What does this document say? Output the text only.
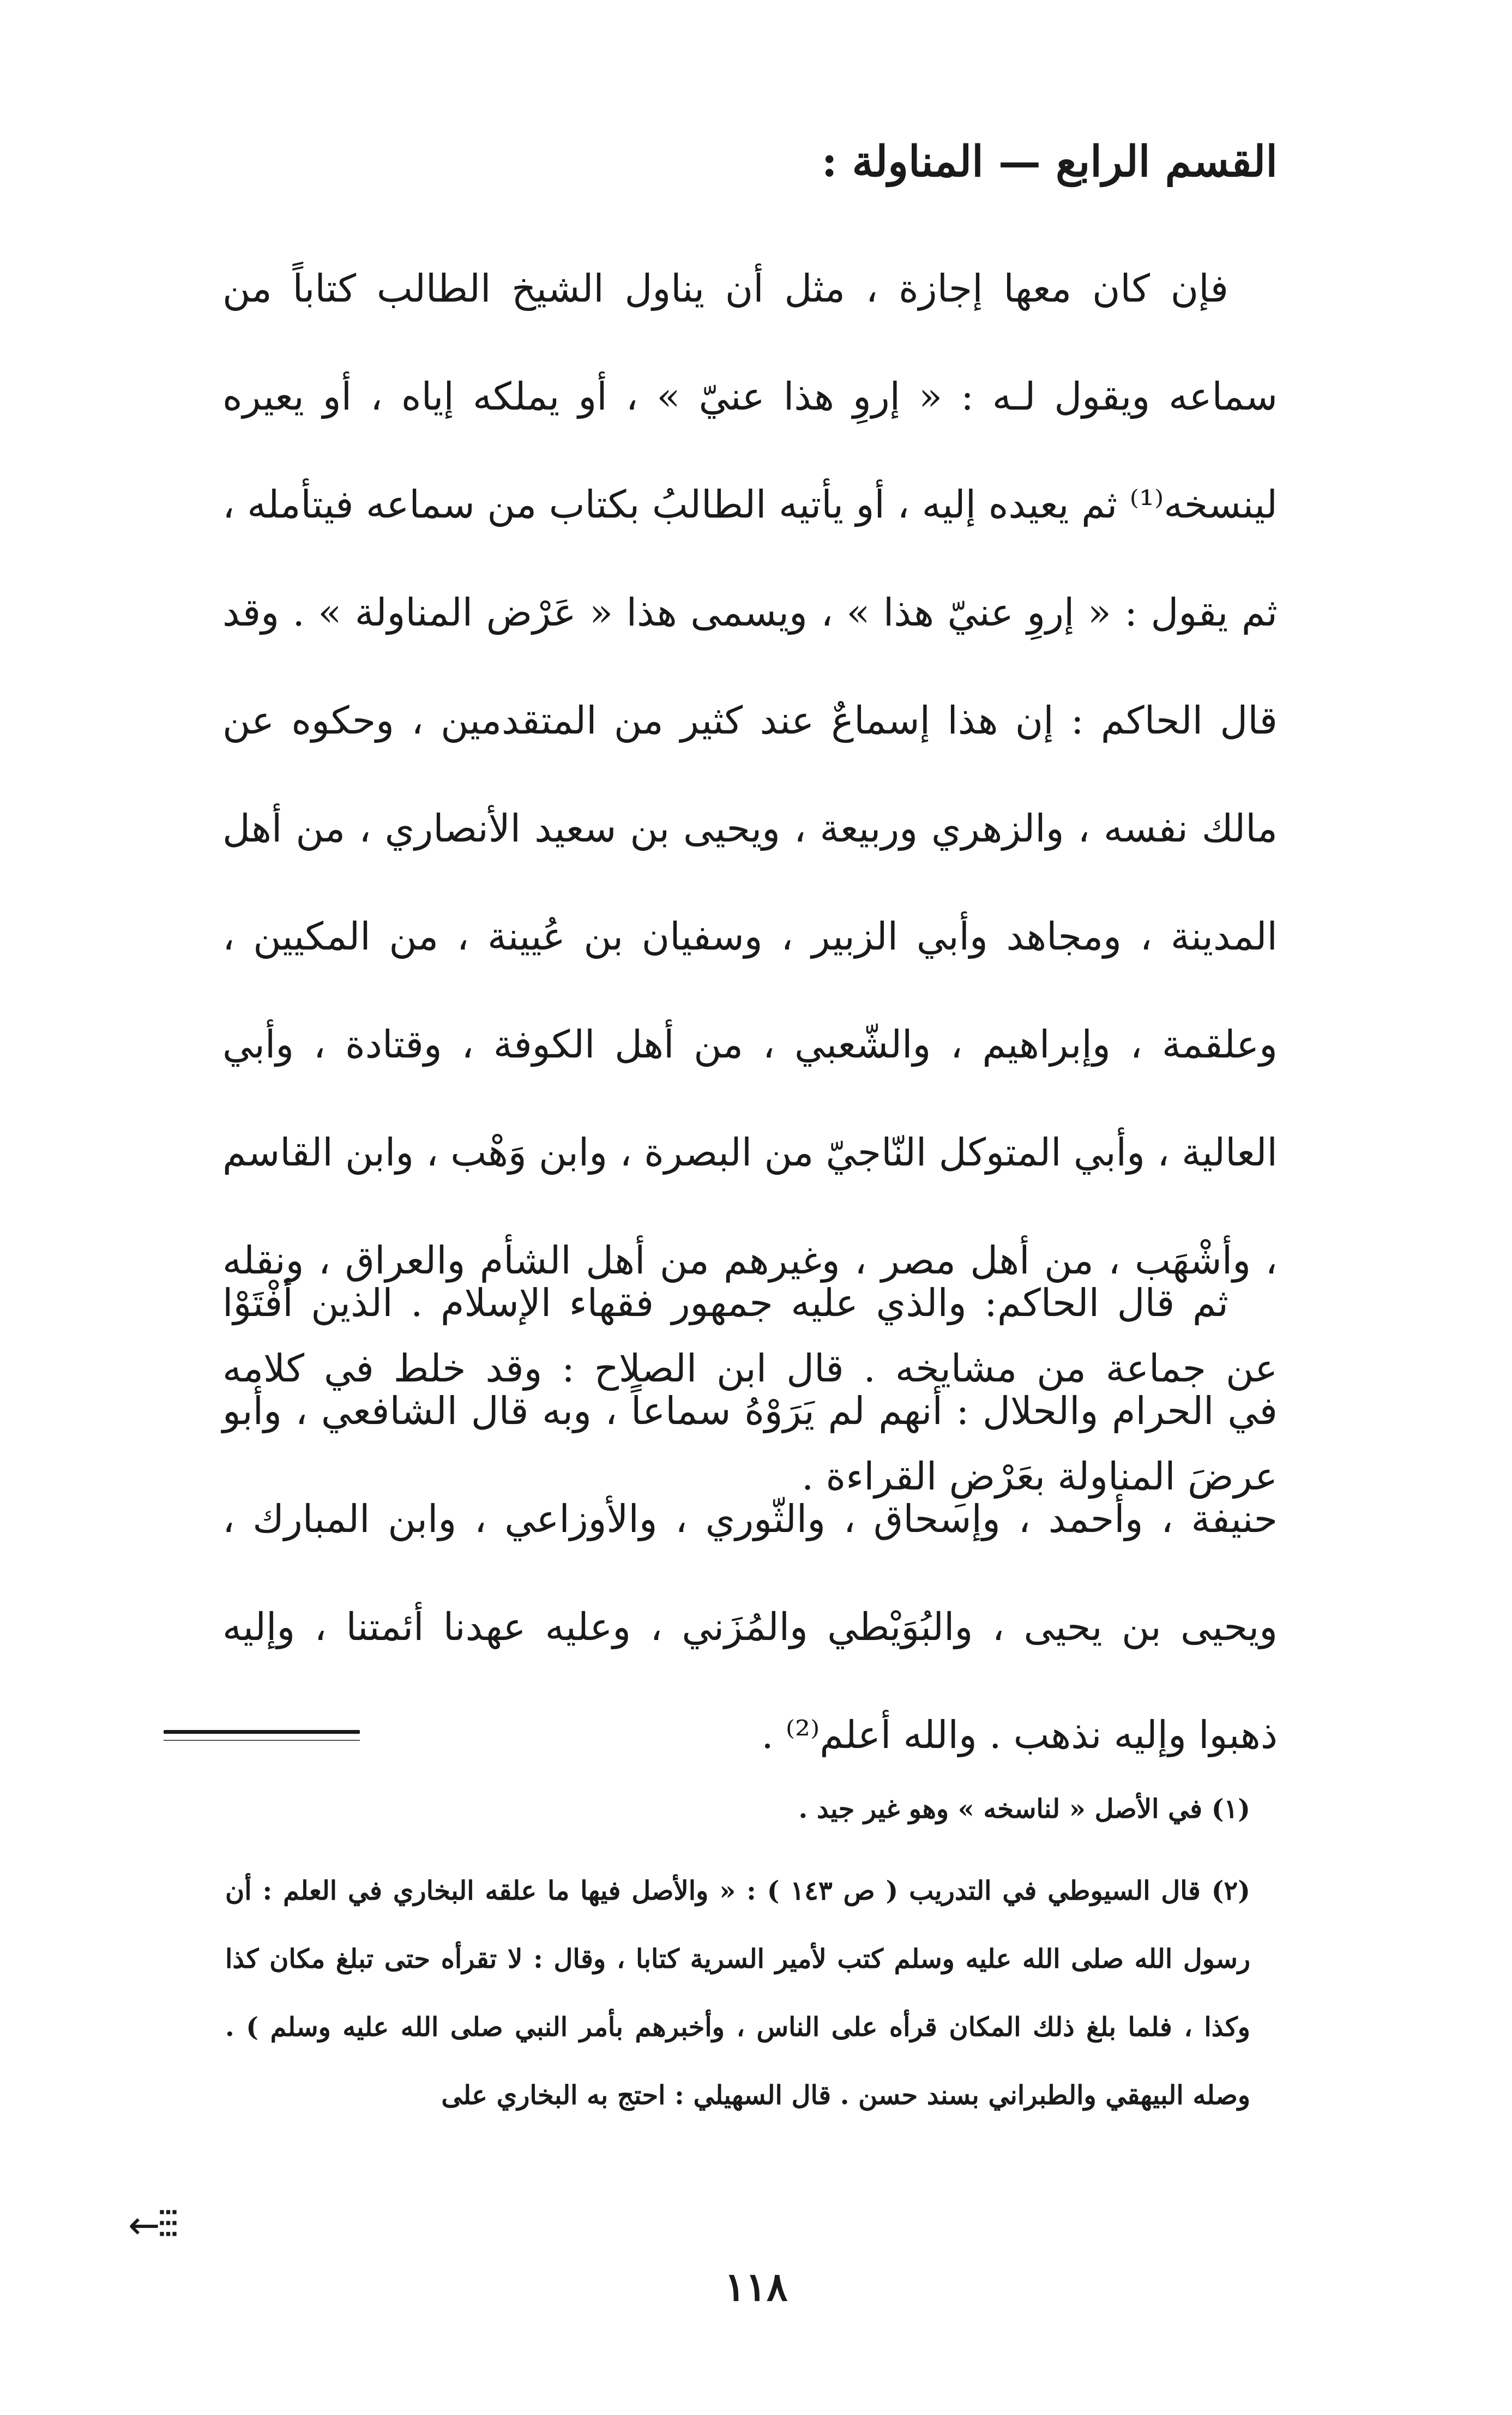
القسم الرابع — المناولة :

فإن كان معها إجازة ، مثل أن يناول الشيخ الطالب كتاباً من سماعه ويقول لـه : « إروِ هذا عنيّ » ، أو يملكه إياه ، أو يعيره لينسخه⁽¹⁾ ثم يعيده إليه ، أو يأتيه الطالبُ بكتاب من سماعه فيتأمله ، ثم يقول : « إروِ عنيّ هذا » ، ويسمى هذا « عَرْض المناولة » . وقد قال الحاكم : إن هذا إسماعٌ عند كثير من المتقدمين ، وحكوه عن مالك نفسه ، والزهري وربيعة ، ويحيى بن سعيد الأنصاري ، من أهل المدينة ، ومجاهد وأبي الزبير ، وسفيان بن عُيينة ، من المكيين ، وعلقمة ، وإبراهيم ، والشّعبي ، من أهل الكوفة ، وقتادة ، وأبي العالية ، وأبي المتوكل النّاجيّ من البصرة ، وابن وَهْب ، وابن القاسم ، وأشْهَب ، من أهل مصر ، وغيرهم من أهل الشأم والعراق ، ونقله عن جماعة من مشايخه . قال ابن الصلاح : وقد خلط في كلامه عرضَ المناولة بعَرْضِ القراءة .

ثم قال الحاكم: والذي عليه جمهور فقهاء الإسلام . الذين أفْتَوْا في الحرام والحلال : أنهم لم يَرَوْهُ سماعاً ، وبه قال الشافعي ، وأبو حنيفة ، وأحمد ، وإسحاق ، والثّوري ، والأوزاعي ، وابن المبارك ، ويحيى بن يحيى ، والبُوَيْطي والمُزَني ، وعليه عهدنا أئمتنا ، وإليه ذهبوا وإليه نذهب . والله أعلم⁽²⁾ .

(١) في الأصل « لناسخه » وهو غير جيد .
(٢) قال السيوطي في التدريب ( ص ١٤٣ ) : « والأصل فيها ما علقه البخاري في العلم : أن رسول الله صلى الله عليه وسلم كتب لأمير السرية كتابا ، وقال : لا تقرأه حتى تبلغ مكان كذا وكذا ، فلما بلغ ذلك المكان قرأه على الناس ، وأخبرهم بأمر النبي صلى الله عليه وسلم ) . وصله البيهقي والطبراني بسند حسن . قال السهيلي : احتج به البخاري على
←⫶⫶⫶
١١٨
